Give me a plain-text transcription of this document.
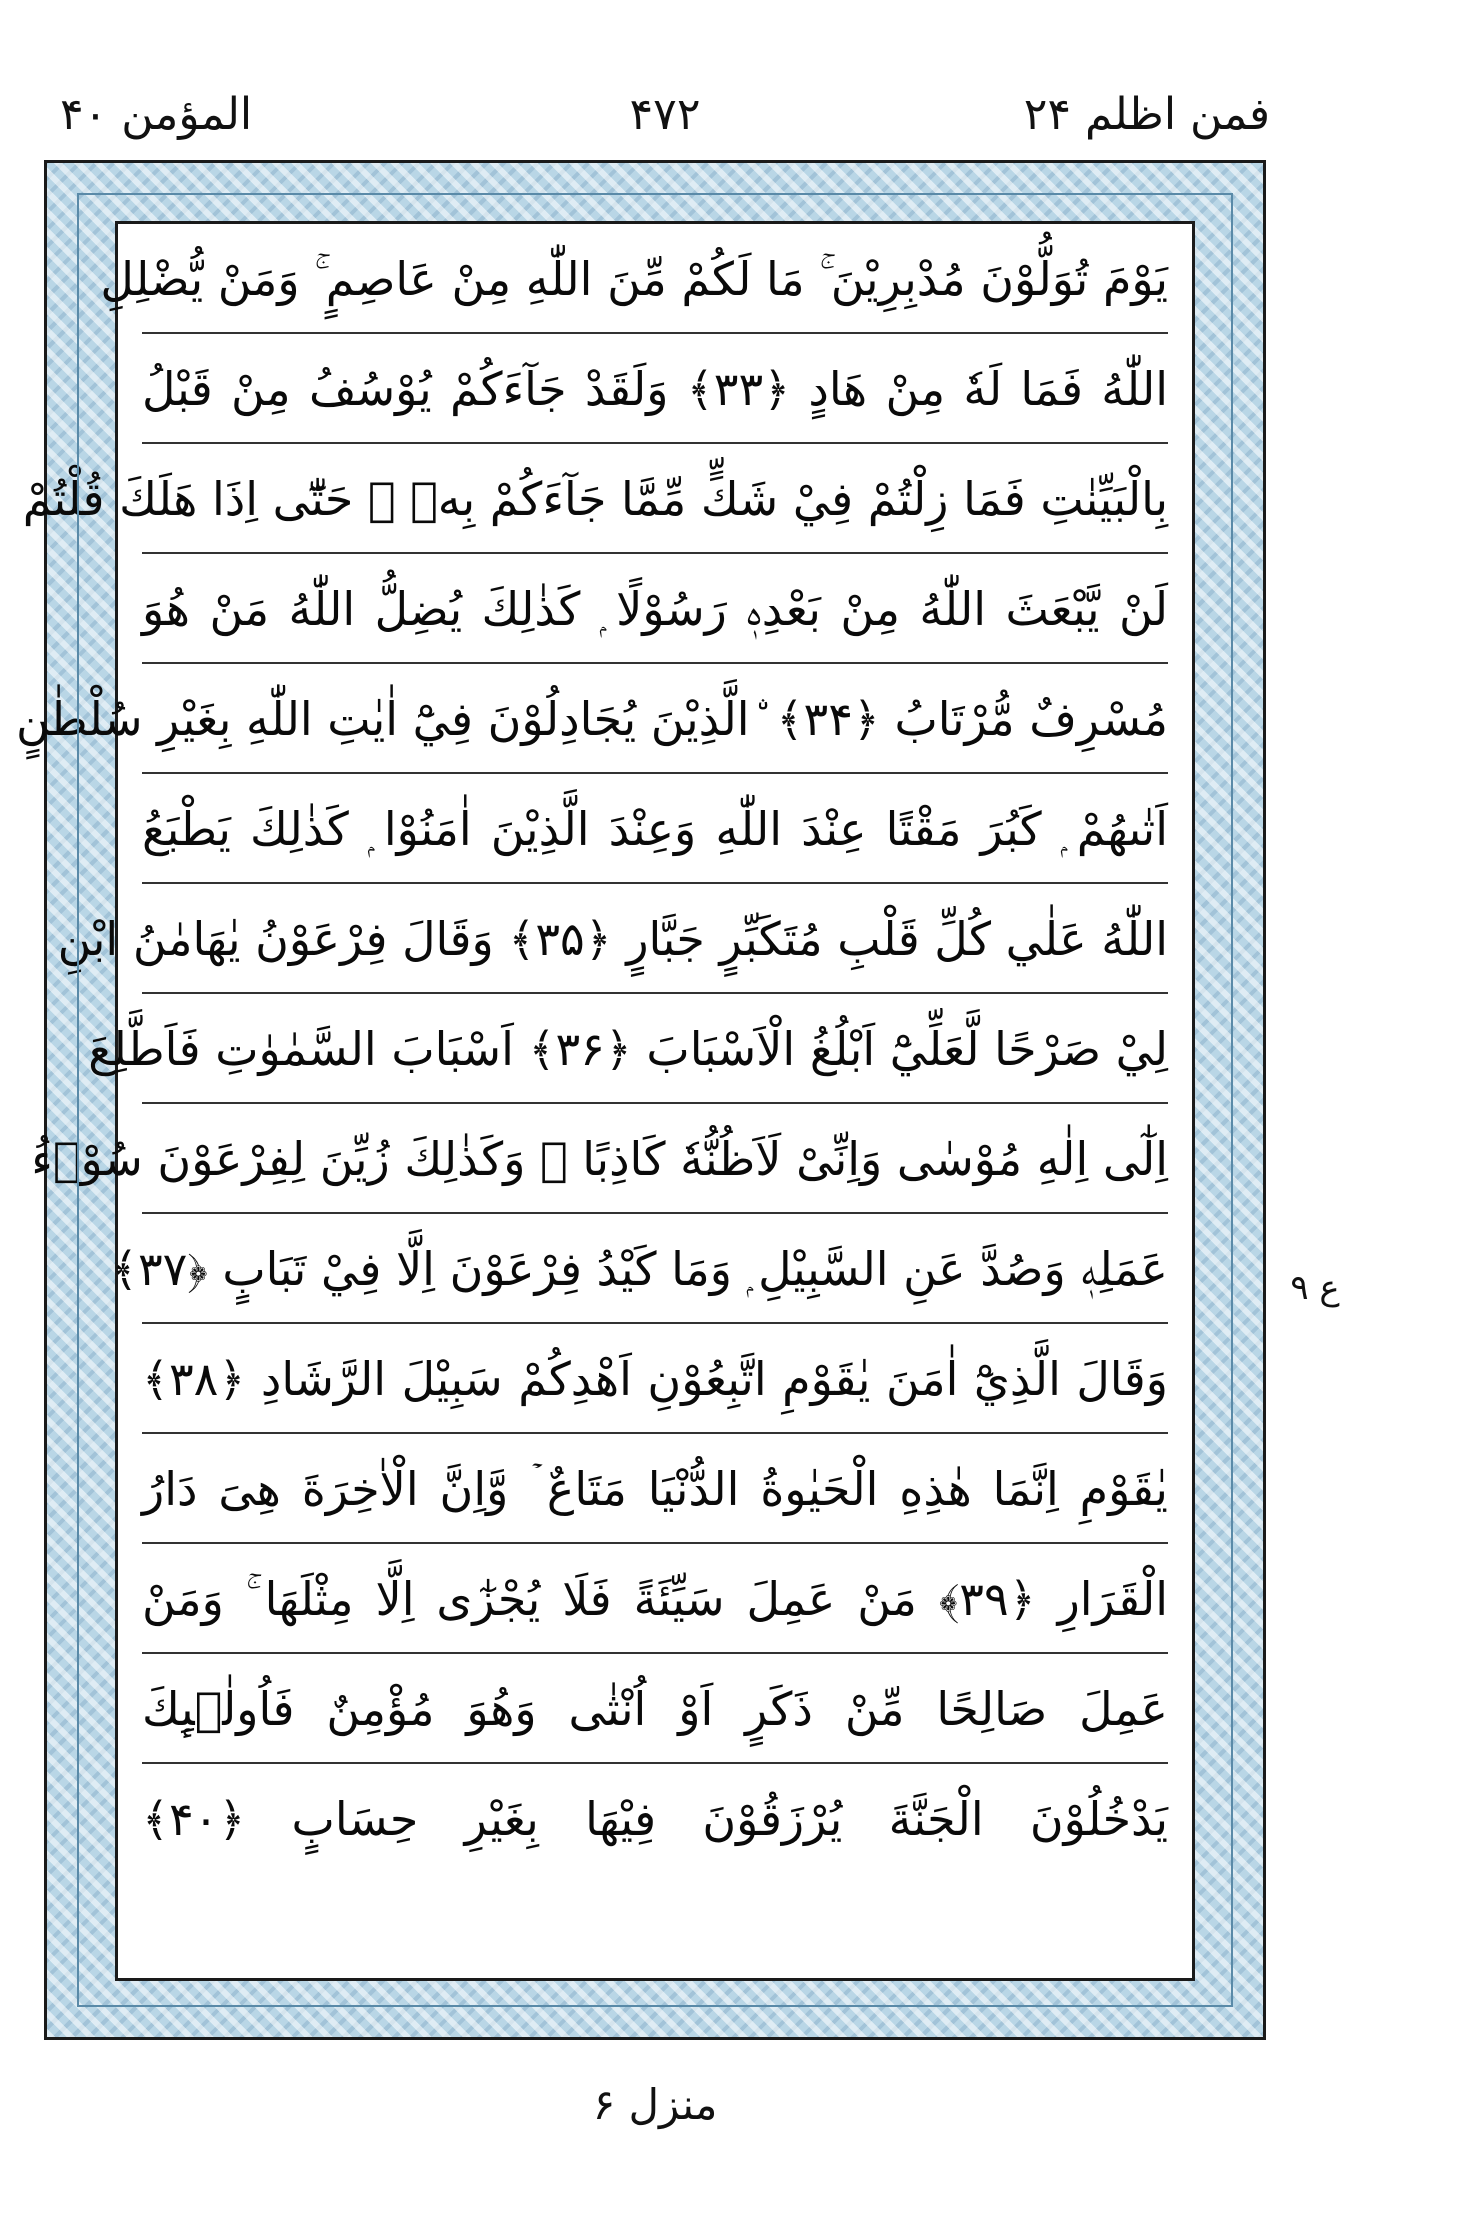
المؤمن ۴۰	۴۷۲	فمن اظلم ۲۴
يَوْمَ تُوَلُّوْنَ مُدْبِرِيْنَ ۚ مَا لَكُمْ مِّنَ اللّٰهِ مِنْ عَاصِمٍ ۚ وَمَنْ يُّضْلِلِ
اللّٰهُ فَمَا لَهٗ مِنْ هَادٍ ﴿۳۳﴾ وَلَقَدْ جَآءَكُمْ يُوْسُفُ مِنْ قَبْلُ
بِالْبَيِّنٰتِ فَمَا زِلْتُمْ فِيْ شَكٍّ مِّمَّا جَآءَكُمْ بِهٖ ۭ حَتّٰٓى اِذَا هَلَكَ قُلْتُمْ
لَنْ يَّبْعَثَ اللّٰهُ مِنْ بَعْدِهٖ رَسُوْلًا ۭ كَذٰلِكَ يُضِلُّ اللّٰهُ مَنْ هُوَ
مُسْرِفٌ مُّرْتَابُ ﴿۳۴﴾ ۨالَّذِيْنَ يُجَادِلُوْنَ فِيْٓ اٰيٰتِ اللّٰهِ بِغَيْرِ سُلْطٰنٍ
اَتٰىهُمْ ۭ كَبُرَ مَقْتًا عِنْدَ اللّٰهِ وَعِنْدَ الَّذِيْنَ اٰمَنُوْا ۭ كَذٰلِكَ يَطْبَعُ
اللّٰهُ عَلٰي كُلِّ قَلْبِ مُتَكَبِّرٍ جَبَّارٍ ﴿۳۵﴾ وَقَالَ فِرْعَوْنُ يٰهَامٰنُ ابْنِ
لِيْ صَرْحًا لَّعَلِّيْٓ اَبْلُغُ الْاَسْبَابَ ﴿۳۶﴾ اَسْبَابَ السَّمٰوٰتِ فَاَطَّلِعَ
اِلٰٓى اِلٰهِ مُوْسٰى وَاِنِّىْ لَاَظُنُّهٗ كَاذِبًا ۭ وَكَذٰلِكَ زُيِّنَ لِفِرْعَوْنَ سُوْۗءُ
عَمَلِهٖ وَصُدَّ عَنِ السَّبِيْلِ ۭ وَمَا كَيْدُ فِرْعَوْنَ اِلَّا فِيْ تَبَابٍ ﴿۳۷﴾
وَقَالَ الَّذِيْٓ اٰمَنَ يٰقَوْمِ اتَّبِعُوْنِ اَهْدِكُمْ سَبِيْلَ الرَّشَادِ ﴿۳۸﴾
يٰقَوْمِ اِنَّمَا هٰذِهِ الْحَيٰوةُ الدُّنْيَا مَتَاعٌ ۡ وَّاِنَّ الْاٰخِرَةَ هِىَ دَارُ
الْقَرَارِ ﴿۳۹﴾ مَنْ عَمِلَ سَيِّئَةً فَلَا يُجْزٰٓى اِلَّا مِثْلَهَا ۚ وَمَنْ
عَمِلَ صَالِحًا مِّنْ ذَكَرٍ اَوْ اُنْثٰى وَهُوَ مُؤْمِنٌ فَاُولٰۗىِٕكَ
يَدْخُلُوْنَ الْجَنَّةَ يُرْزَقُوْنَ فِيْهَا بِغَيْرِ حِسَابٍ ﴿۴۰﴾
ع ۹
منزل ۶
